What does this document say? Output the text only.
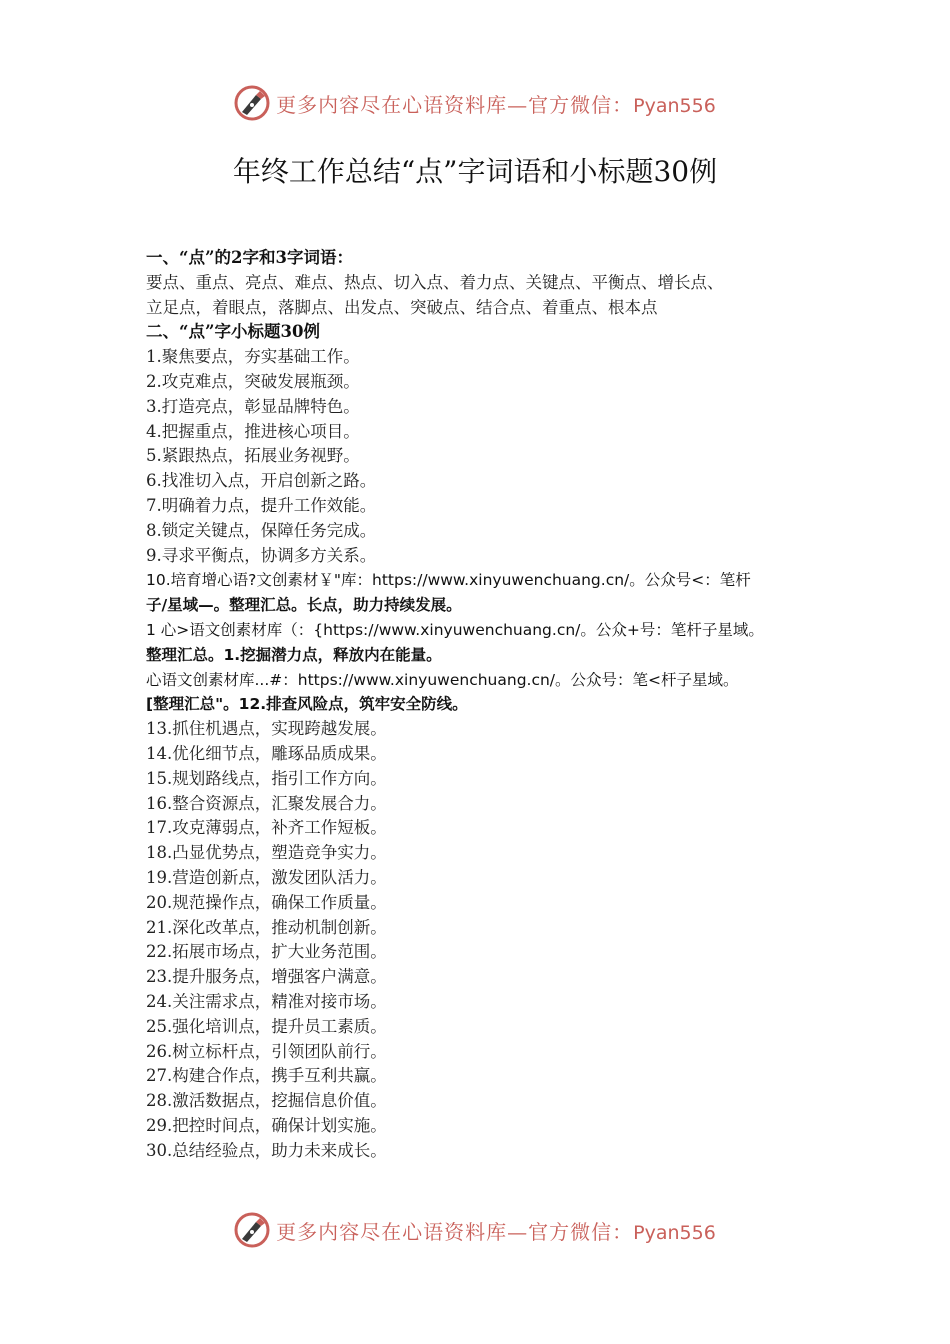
更多内容尽在心语资料库—官方微信：Pyan556
年终工作总结“点”字词语和小标题30例
一、“点”的2字和3字词语：
要点、重点、亮点、难点、热点、切入点、着力点、关键点、平衡点、增长点、
立足点，着眼点，落脚点、出发点、突破点、结合点、着重点、根本点
二、“点”字小标题30例
1.聚焦要点，夯实基础工作。
2.攻克难点，突破发展瓶颈。
3.打造亮点，彰显品牌特色。
4.把握重点，推进核心项目。
5.紧跟热点，拓展业务视野。
6.找准切入点，开启创新之路。
7.明确着力点，提升工作效能。
8.锁定关键点，保障任务完成。
9.寻求平衡点，协调多方关系。
10.培育增心语?文创素材￥"库：https://www.xinyuwenchuang.cn/。公众号<：笔杆
子/星域—。整理汇总。长点，助力持续发展。
1 心>语文创素材库（：{https://www.xinyuwenchuang.cn/。公众+号：笔杆子星域。
整理汇总。1.挖掘潜力点，释放内在能量。
心语文创素材库...#：https://www.xinyuwenchuang.cn/。公众号：笔<杆子星域。
[整理汇总"。12.排查风险点，筑牢安全防线。
13.抓住机遇点，实现跨越发展。
14.优化细节点，雕琢品质成果。
15.规划路线点，指引工作方向。
16.整合资源点，汇聚发展合力。
17.攻克薄弱点，补齐工作短板。
18.凸显优势点，塑造竞争实力。
19.营造创新点，激发团队活力。
20.规范操作点，确保工作质量。
21.深化改革点，推动机制创新。
22.拓展市场点，扩大业务范围。
23.提升服务点，增强客户满意。
24.关注需求点，精准对接市场。
25.强化培训点，提升员工素质。
26.树立标杆点，引领团队前行。
27.构建合作点，携手互利共赢。
28.激活数据点，挖掘信息价值。
29.把控时间点，确保计划实施。
30.总结经验点，助力未来成长。
更多内容尽在心语资料库—官方微信：Pyan556
